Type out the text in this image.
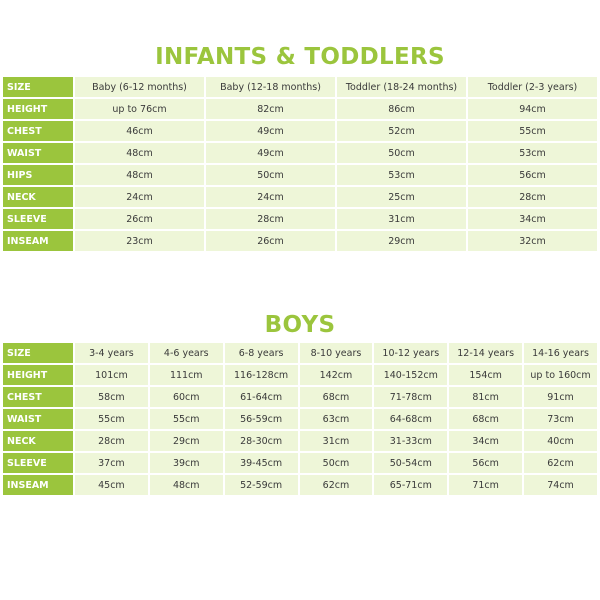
INFANTS & TODDLERS
SIZE	Baby (6-12 months)	Baby (12-18 months)	Toddler (18-24 months)	Toddler (2-3 years)
HEIGHT	up to 76cm	82cm	86cm	94cm
CHEST	46cm	49cm	52cm	55cm
WAIST	48cm	49cm	50cm	53cm
HIPS	48cm	50cm	53cm	56cm
NECK	24cm	24cm	25cm	28cm
SLEEVE	26cm	28cm	31cm	34cm
INSEAM	23cm	26cm	29cm	32cm
BOYS
SIZE	3-4 years	4-6 years	6-8 years	8-10 years	10-12 years	12-14 years	14-16 years
HEIGHT	101cm	111cm	116-128cm	142cm	140-152cm	154cm	up to 160cm
CHEST	58cm	60cm	61-64cm	68cm	71-78cm	81cm	91cm
WAIST	55cm	55cm	56-59cm	63cm	64-68cm	68cm	73cm
NECK	28cm	29cm	28-30cm	31cm	31-33cm	34cm	40cm
SLEEVE	37cm	39cm	39-45cm	50cm	50-54cm	56cm	62cm
INSEAM	45cm	48cm	52-59cm	62cm	65-71cm	71cm	74cm
